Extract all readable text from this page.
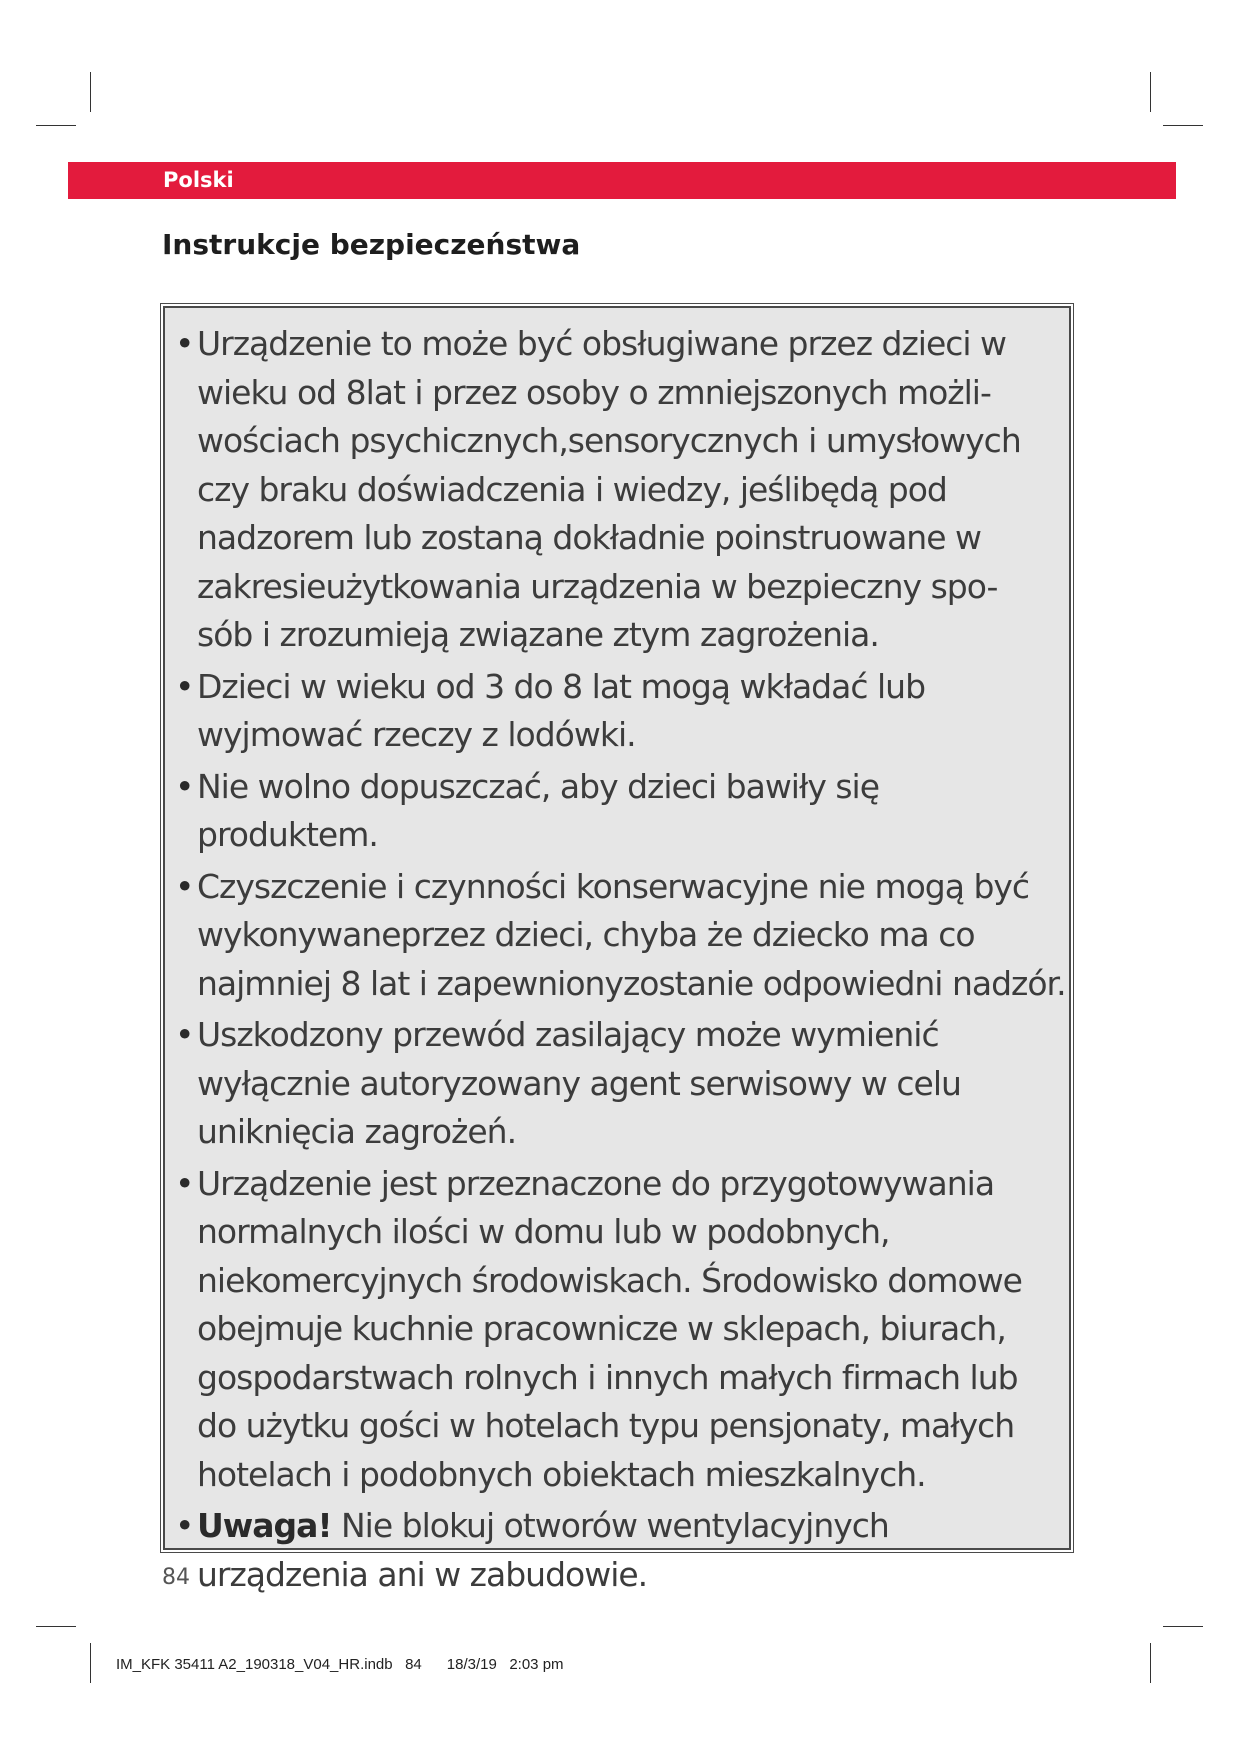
Polski
Instrukcje bezpieczeństwa
• Urządzenie to może być obsługiwane przez dzieci w
wieku od 8lat i przez osoby o zmniejszonych możli-
wościach psychicznych,sensorycznych i umysłowych
czy braku doświadczenia i wiedzy, jeślibędą pod
nadzorem lub zostaną dokładnie poinstruowane w
zakresieużytkowania urządzenia w bezpieczny spo-
sób i zrozumieją związane ztym zagrożenia.
• Dzieci w wieku od 3 do 8 lat mogą wkładać lub
wyjmować rzeczy z lodówki.
• Nie wolno dopuszczać, aby dzieci bawiły się produktem.
• Czyszczenie i czynności konserwacyjne nie mogą być
wykonywaneprzez dzieci, chyba że dziecko ma co
najmniej 8 lat i zapewnionyzostanie odpowiedni nadzór.
• Uszkodzony przewód zasilający może wymienić
wyłącznie autoryzowany agent serwisowy w celu
uniknięcia zagrożeń.
• Urządzenie jest przeznaczone do przygotowywania
normalnych ilości w domu lub w podobnych,
niekomercyjnych środowiskach. Środowisko domowe
obejmuje kuchnie pracownicze w sklepach, biurach,
gospodarstwach rolnych i innych małych firmach lub
do użytku gości w hotelach typu pensjonaty, małych
hotelach i podobnych obiektach mieszkalnych.
• Uwaga! Nie blokuj otworów wentylacyjnych
urządzenia ani w zabudowie.
84
IM_KFK 35411 A2_190318_V04_HR.indb   84      18/3/19   2:03 pm
